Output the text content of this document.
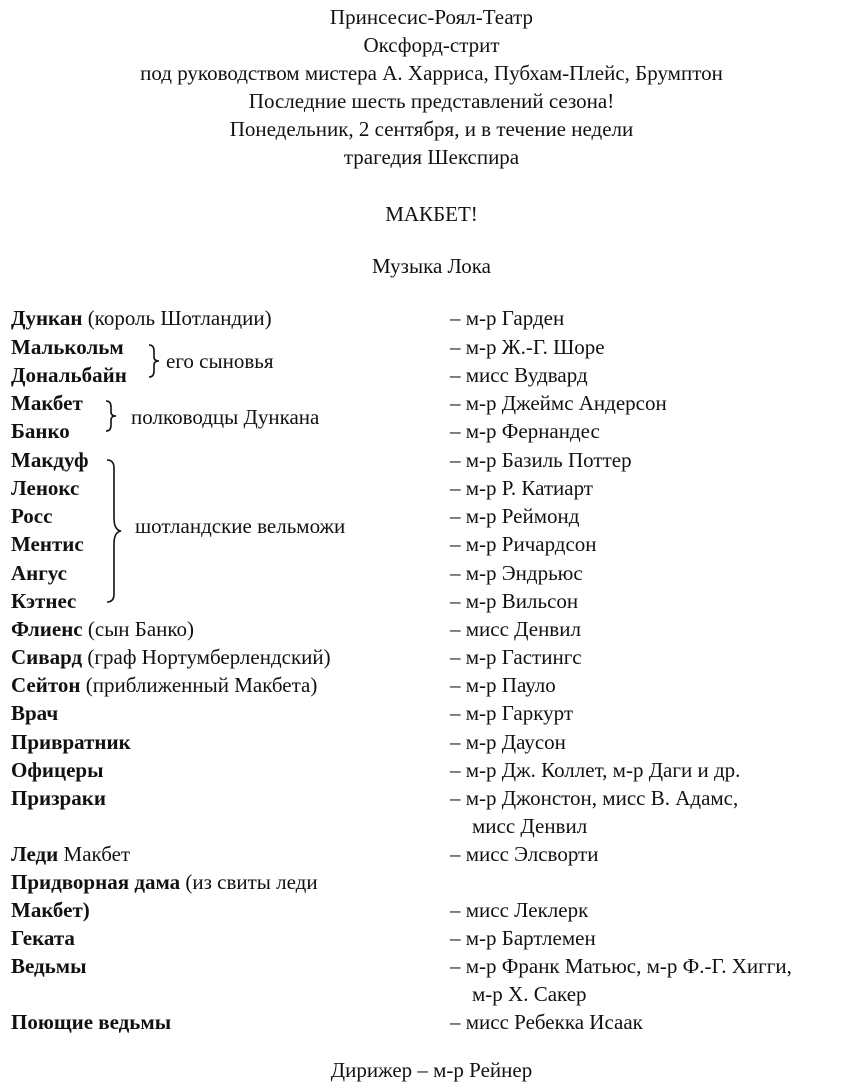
Принсесис-Роял-Театр
Оксфорд-стрит
под руководством мистера А. Харриса, Пубхам-Плейс, Брумптон
Последние шесть представлений сезона!
Понедельник, 2 сентября, и в течение недели
трагедия Шекспира
МАКБЕТ!
Музыка Лока
Дункан (король Шотландии)
Малькольм
Дональбайн
Макбет
Банко
Макдуф
Ленокс
Росс
Ментис
Ангус
Кэтнес
Флиенс (сын Банко)
Сивард (граф Нортумберлендский)
Сейтон (приближенный Макбета)
Врач
Привратник
Офицеры
Призраки
Леди Макбет
Придворная дама (из свиты леди
Макбет)
Геката
Ведьмы
Поющие ведьмы
его сыновья
полководцы Дункана
шотландские вельможи
– м-р Гарден
– м-р Ж.-Г. Шоре
– мисс Вудвард
– м-р Джеймс Андерсон
– м-р Фернандес
– м-р Базиль Поттер
– м-р Р. Катиарт
– м-р Реймонд
– м-р Ричардсон
– м-р Эндрьюс
– м-р Вильсон
– мисс Денвил
– м-р Гастингс
– м-р Пауло
– м-р Гаркурт
– м-р Даусон
– м-р Дж. Коллет, м-р Даги и др.
– м-р Джонстон, мисс В. Адамс,
мисс Денвил
– мисс Элсворти
– мисс Леклерк
– м-р Бартлемен
– м-р Франк Матьюс, м-р Ф.-Г. Хигги,
м-р Х. Сакер
– мисс Ребекка Исаак
Дирижер – м-р Рейнер
